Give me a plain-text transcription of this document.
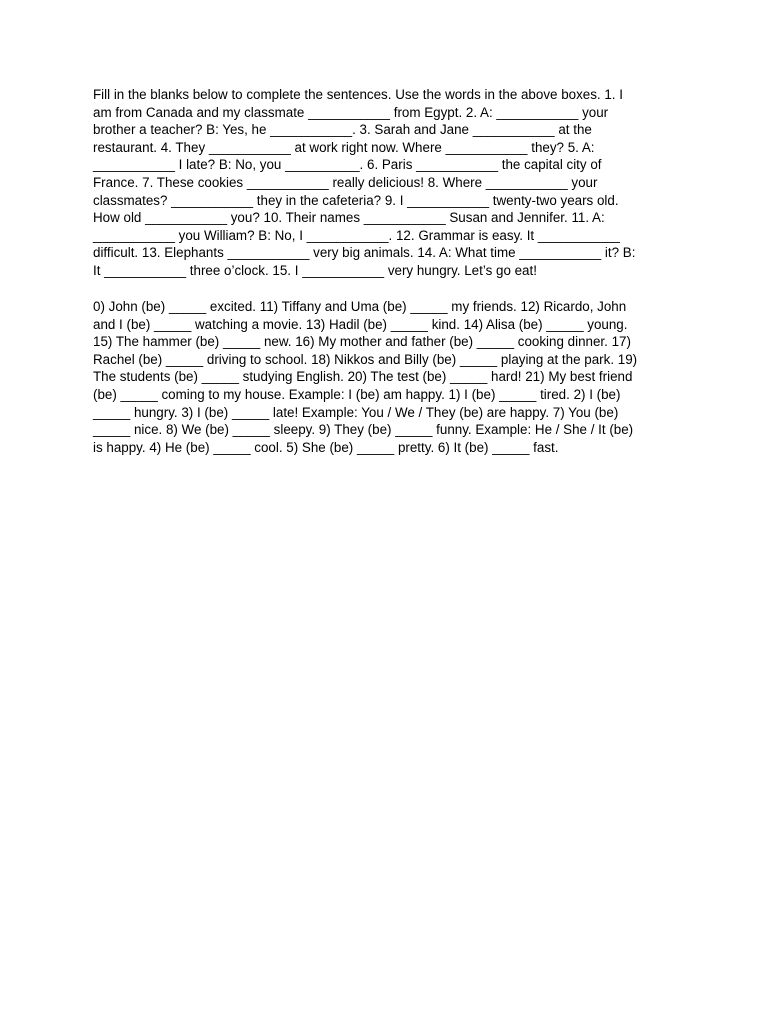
Fill in the blanks below to complete the sentences. Use the words in the above boxes. 1. I
am from Canada and my classmate ___________ from Egypt. 2. A: ___________ your
brother a teacher? B: Yes, he ___________. 3. Sarah and Jane ___________ at the
restaurant. 4. They ___________ at work right now. Where ___________ they? 5. A:
___________ I late? B: No, you __________. 6. Paris ___________ the capital city of
France. 7. These cookies ___________ really delicious! 8. Where ___________ your
classmates? ___________ they in the cafeteria? 9. I ___________ twenty-two years old.
How old ___________ you? 10. Their names ___________ Susan and Jennifer. 11. A:
___________ you William? B: No, I ___________. 12. Grammar is easy. It ___________
difficult. 13. Elephants ___________ very big animals. 14. A: What time ___________ it? B:
It ___________ three o’clock. 15. I ___________ very hungry. Let’s go eat!
0) John (be) _____ excited. 11) Tiffany and Uma (be) _____ my friends. 12) Ricardo, John
and I (be) _____ watching a movie. 13) Hadil (be) _____ kind. 14) Alisa (be) _____ young.
15) The hammer (be) _____ new. 16) My mother and father (be) _____ cooking dinner. 17)
Rachel (be) _____ driving to school. 18) Nikkos and Billy (be) _____ playing at the park. 19)
The students (be) _____ studying English. 20) The test (be) _____ hard! 21) My best friend
(be) _____ coming to my house. Example: I (be) am happy. 1) I (be) _____ tired. 2) I (be)
_____ hungry. 3) I (be) _____ late! Example: You / We / They (be) are happy. 7) You (be)
_____ nice. 8) We (be) _____ sleepy. 9) They (be) _____ funny. Example: He / She / It (be)
is happy. 4) He (be) _____ cool. 5) She (be) _____ pretty. 6) It (be) _____ fast.
